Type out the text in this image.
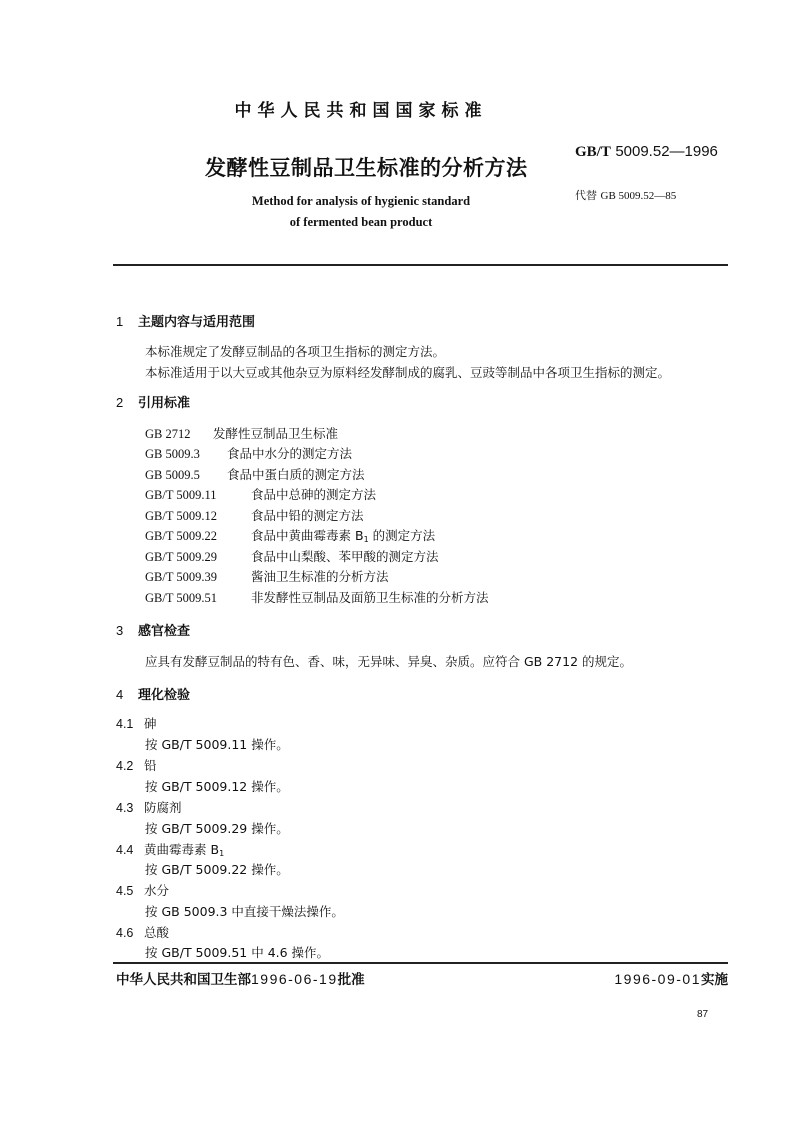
中华人民共和国国家标准
发酵性豆制品卫生标准的分析方法
GB/T 5009.52—1996
代替 GB 5009.52—85
Method for analysis of hygienic standard
of fermented bean product
1 主题内容与适用范围
本标准规定了发酵豆制品的各项卫生指标的测定方法。
本标准适用于以大豆或其他杂豆为原料经发酵制成的腐乳、豆豉等制品中各项卫生指标的测定。
2 引用标准
GB 2712 发酵性豆制品卫生标准
GB 5009.3 食品中水分的测定方法
GB 5009.5 食品中蛋白质的测定方法
GB/T 5009.11	食品中总砷的测定方法
GB/T 5009.12	食品中铅的测定方法
GB/T 5009.22	食品中黄曲霉毒素 B1 的测定方法
GB/T 5009.29	食品中山梨酸、苯甲酸的测定方法
GB/T 5009.39	酱油卫生标准的分析方法
GB/T 5009.51	非发酵性豆制品及面筋卫生标准的分析方法
3 感官检查
应具有发酵豆制品的特有色、香、味，无异味、异臭、杂质。应符合 GB 2712 的规定。
4 理化检验
4.1 砷
按 GB/T 5009.11 操作。
4.2 铅
按 GB/T 5009.12 操作。
4.3 防腐剂
按 GB/T 5009.29 操作。
4.4 黄曲霉毒素 B1
按 GB/T 5009.22 操作。
4.5 水分
按 GB 5009.3 中直接干燥法操作。
4.6 总酸
按 GB/T 5009.51 中 4.6 操作。
中华人民共和国卫生部1996-06-19批准	1996-09-01实施
87
